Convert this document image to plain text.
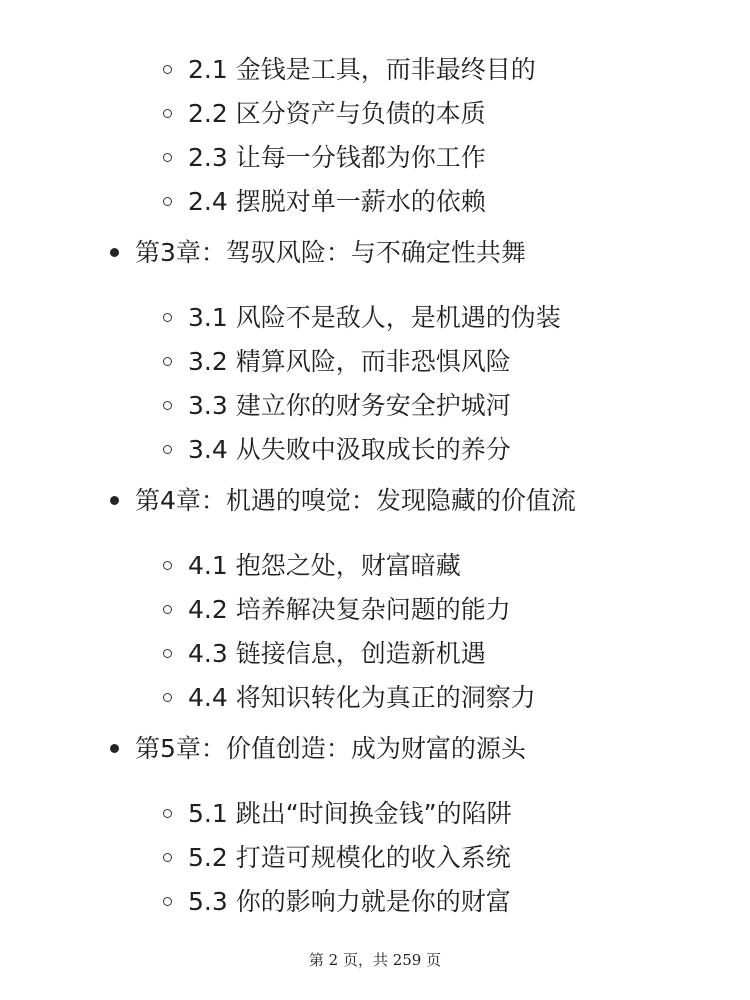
2.1 金钱是工具，而非最终目的
2.2 区分资产与负债的本质
2.3 让每一分钱都为你工作
2.4 摆脱对单一薪水的依赖
第3章：驾驭风险：与不确定性共舞
3.1 风险不是敌人，是机遇的伪装
3.2 精算风险，而非恐惧风险
3.3 建立你的财务安全护城河
3.4 从失败中汲取成长的养分
第4章：机遇的嗅觉：发现隐藏的价值流
4.1 抱怨之处，财富暗藏
4.2 培养解决复杂问题的能力
4.3 链接信息，创造新机遇
4.4 将知识转化为真正的洞察力
第5章：价值创造：成为财富的源头
5.1 跳出“时间换金钱”的陷阱
5.2 打造可规模化的收入系统
5.3 你的影响力就是你的财富
第 2 页，共 259 页
